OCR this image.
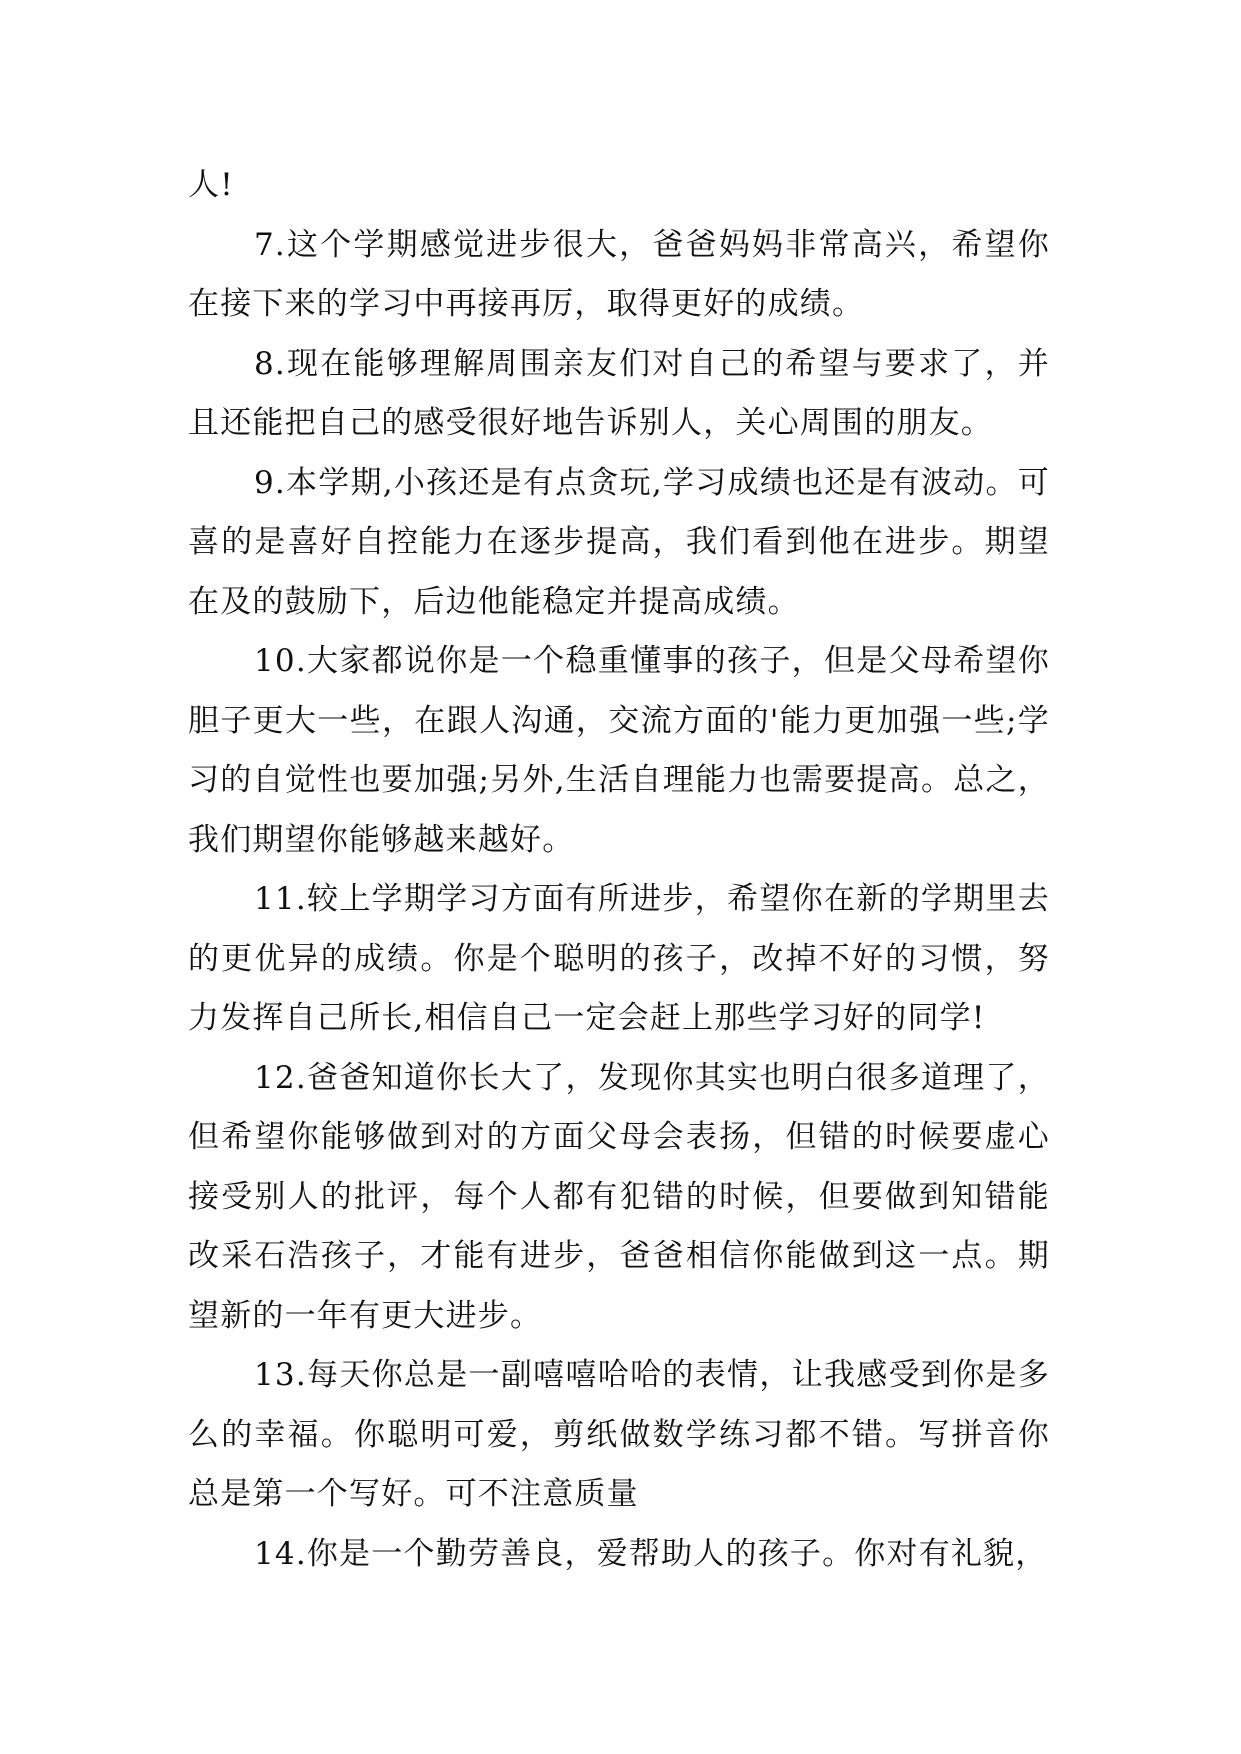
人!

7.这个学期感觉进步很大，爸爸妈妈非常高兴，希望你在接下来的学习中再接再厉，取得更好的成绩。

8.现在能够理解周围亲友们对自己的希望与要求了，并且还能把自己的感受很好地告诉别人，关心周围的朋友。

9.本学期,小孩还是有点贪玩,学习成绩也还是有波动。可喜的是喜好自控能力在逐步提高，我们看到他在进步。期望在及的鼓励下，后边他能稳定并提高成绩。

10.大家都说你是一个稳重懂事的孩子，但是父母希望你胆子更大一些，在跟人沟通，交流方面的'能力更加强一些;学习的自觉性也要加强;另外,生活自理能力也需要提高。总之，我们期望你能够越来越好。

11.较上学期学习方面有所进步，希望你在新的学期里去的更优异的成绩。你是个聪明的孩子，改掉不好的习惯，努力发挥自己所长,相信自己一定会赶上那些学习好的同学!

12.爸爸知道你长大了，发现你其实也明白很多道理了，但希望你能够做到对的方面父母会表扬，但错的时候要虚心接受别人的批评，每个人都有犯错的时候，但要做到知错能改采石浩孩子，才能有进步，爸爸相信你能做到这一点。期望新的一年有更大进步。

13.每天你总是一副嘻嘻哈哈的表情，让我感受到你是多么的幸福。你聪明可爱，剪纸做数学练习都不错。写拼音你总是第一个写好。可不注意质量

14.你是一个勤劳善良，爱帮助人的孩子。你对有礼貌，
